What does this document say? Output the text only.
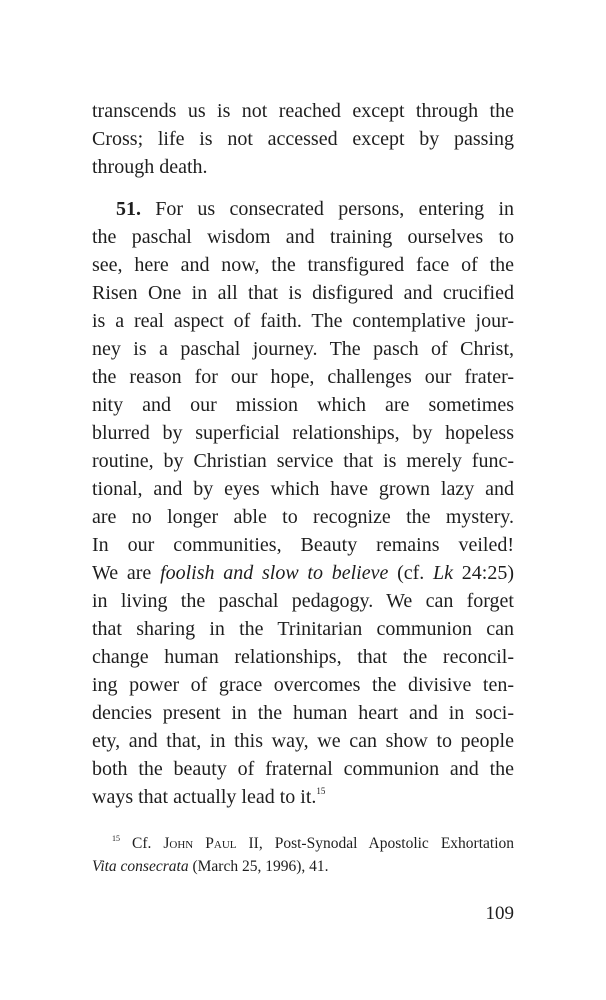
transcends us is not reached except through the
Cross; life is not accessed except by passing
through death.
51. For us consecrated persons, entering in
the paschal wisdom and training ourselves to
see, here and now, the transfigured face of the
Risen One in all that is disfigured and crucified
is a real aspect of faith. The contemplative jour-
ney is a paschal journey. The pasch of Christ,
the reason for our hope, challenges our frater-
nity and our mission which are sometimes
blurred by superficial relationships, by hopeless
routine, by Christian service that is merely func-
tional, and by eyes which have grown lazy and
are no longer able to recognize the mystery.
In our communities, Beauty remains veiled!
We are foolish and slow to believe (cf. Lk 24:25)
in living the paschal pedagogy. We can forget
that sharing in the Trinitarian communion can
change human relationships, that the reconcil-
ing power of grace overcomes the divisive ten-
dencies present in the human heart and in soci-
ety, and that, in this way, we can show to people
both the beauty of fraternal communion and the
ways that actually lead to it.$^{15}$
$^{15}$ Cf. John Paul II, Post-Synodal Apostolic Exhortation
Vita consecrata (March 25, 1996), 41.
109
